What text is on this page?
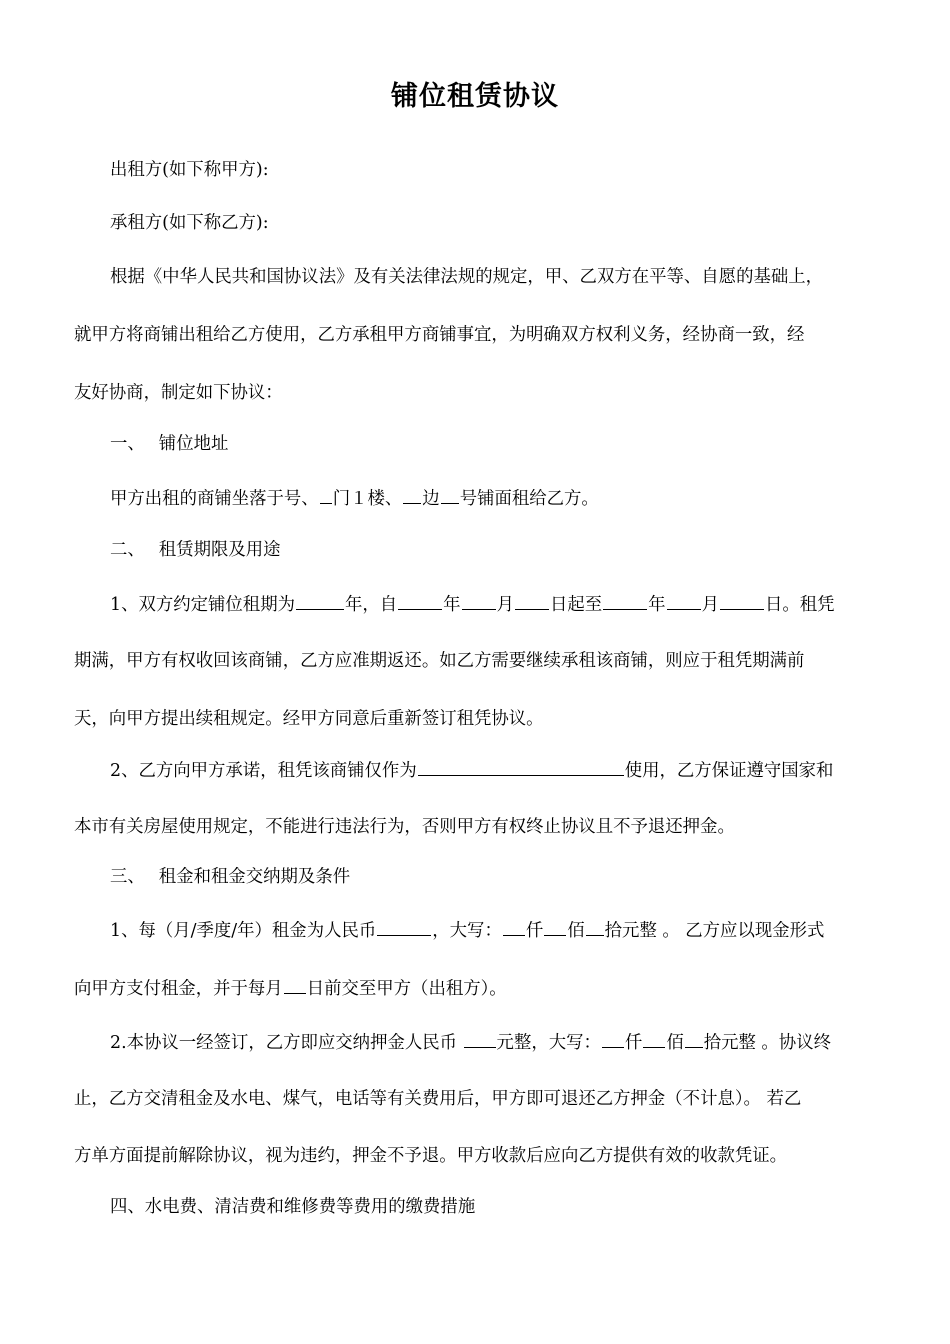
铺位租赁协议
出租方(如下称甲方):
承租方(如下称乙方):
根据《中华人民共和国协议法》及有关法律法规的规定，甲、乙双方在平等、自愿的基础上，
就甲方将商铺出租给乙方使用，乙方承租甲方商铺事宜，为明确双方权利义务，经协商一致，经
友好协商，制定如下协议：
一、 铺位地址
甲方出租的商铺坐落于号、 门１楼、 边 号铺面租给乙方。
二、 租赁期限及用途
1、双方约定铺位租期为	年，自	年 月 日起至	年 月	日。租凭
期满，甲方有权收回该商铺，乙方应准期返还。如乙方需要继续承租该商铺，则应于租凭期满前
天，向甲方提出续租规定。经甲方同意后重新签订租凭协议。
2、乙方向甲方承诺，租凭该商铺仅作为	使用，乙方保证遵守国家和
本市有关房屋使用规定，不能进行违法行为，否则甲方有权终止协议且不予退还押金。
三、 租金和租金交纳期及条件
1、每（月/季度/年）租金为人民币	，大写： 仟 佰 拾元整 。 乙方应以现金形式
向甲方支付租金，并于每月 日前交至甲方（出租方）。
2.本协议一经签订，乙方即应交纳押金人民币 元整，大写： 仟 佰 拾元整 。协议终
止，乙方交清租金及水电、煤气，电话等有关费用后，甲方即可退还乙方押金（不计息）。 若乙
方单方面提前解除协议，视为违约，押金不予退。甲方收款后应向乙方提供有效的收款凭证。
四、水电费、清洁费和维修费等费用的缴费措施
